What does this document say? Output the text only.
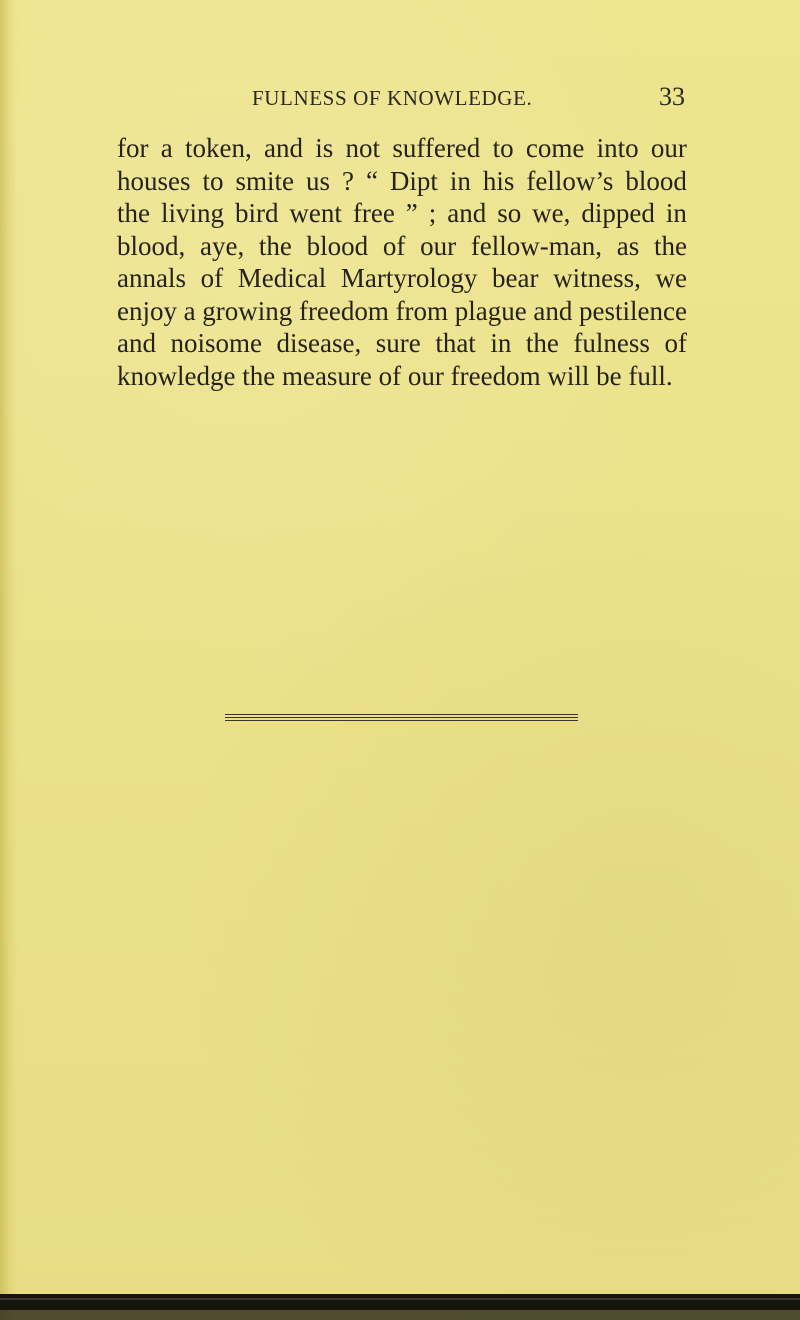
FULNESS OF KNOWLEDGE.	33
for a token, and is not suffered to come into our
houses to smite us ? “ Dipt in his fellow’s blood
the living bird went free ” ; and so we, dipped in
blood, aye, the blood of our fellow-man, as the
annals of Medical Martyrology bear witness, we
enjoy a growing freedom from plague and pestilence
and noisome disease, sure that in the fulness of
knowledge the measure of our freedom will be full.
